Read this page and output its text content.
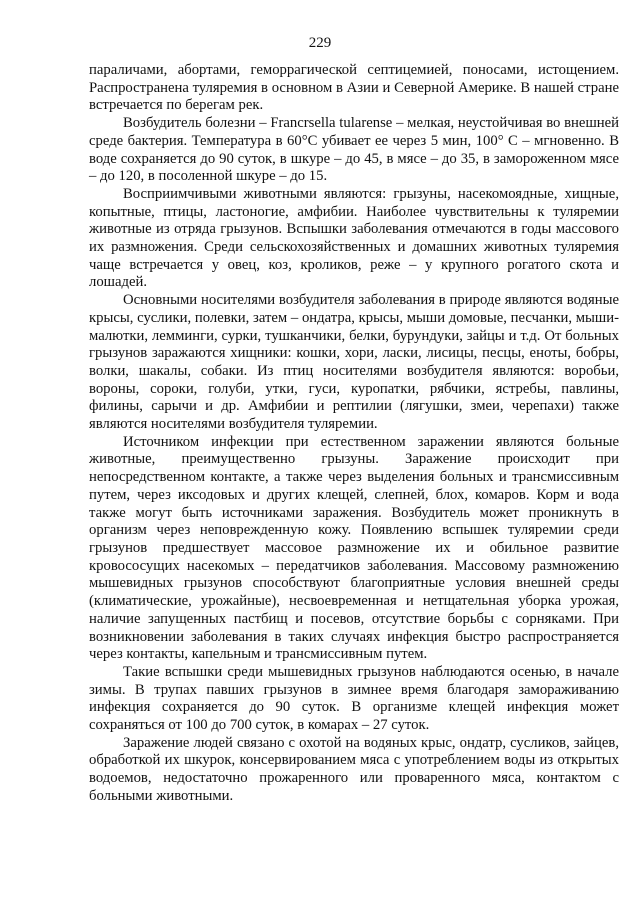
229

параличами, абортами, геморрагической септицемией, поносами, истощением. Распространена туляремия в основном в Азии и Северной Америке. В нашей стране встречается по берегам рек.

Возбудитель болезни – Francrsella tularense – мелкая, неустойчивая во внешней среде бактерия. Температура в 60°С убивает ее через 5 мин, 100° С – мгновенно. В воде сохраняется до 90 суток, в шкуре – до 45, в мясе – до 35, в замороженном мясе – до 120, в посоленной шкуре – до 15.

Восприимчивыми животными являются: грызуны, насекомоядные, хищные, копытные, птицы, ластоногие, амфибии. Наиболее чувствительны к туляремии животные из отряда грызунов. Вспышки заболевания отмечаются в годы массового их размножения. Среди сельскохозяйственных и домашних животных туляремия чаще встречается у овец, коз, кроликов, реже – у крупного рогатого скота и лошадей.

Основными носителями возбудителя заболевания в природе являются водяные крысы, суслики, полевки, затем – ондатра, крысы, мыши домовые, песчанки, мыши-малютки, лемминги, сурки, тушканчики, белки, бурундуки, зайцы и т.д. От больных грызунов заражаются хищники: кошки, хори, ласки, лисицы, песцы, еноты, бобры, волки, шакалы, собаки. Из птиц носителями возбудителя являются: воробьи, вороны, сороки, голуби, утки, гуси, куропатки, рябчики, ястребы, павлины, филины, сарычи и др. Амфибии и рептилии (лягушки, змеи, черепахи) также являются носителями возбудителя туляремии.

Источником инфекции при естественном заражении являются больные животные, преимущественно грызуны. Заражение происходит при непосредственном контакте, а также через выделения больных и трансмиссивным путем, через иксодовых и других клещей, слепней, блох, комаров. Корм и вода также могут быть источниками заражения. Возбудитель может проникнуть в организм через неповрежденную кожу. Появлению вспышек туляремии среди грызунов предшествует массовое размножение их и обильное развитие кровососущих насекомых – передатчиков заболевания. Массовому размножению мышевидных грызунов способствуют благоприятные условия внешней среды (климатические, урожайные), несвоевременная и нетщательная уборка урожая, наличие запущенных пастбищ и посевов, отсутствие борьбы с сорняками. При возникновении заболевания в таких случаях инфекция быстро распространяется через контакты, капельным и трансмиссивным путем.

Такие вспышки среди мышевидных грызунов наблюдаются осенью, в начале зимы. В трупах павших грызунов в зимнее время благодаря замораживанию инфекция сохраняется до 90 суток. В организме клещей инфекция может сохраняться от 100 до 700 суток, в комарах – 27 суток.

Заражение людей связано с охотой на водяных крыс, ондатр, сусликов, зайцев, обработкой их шкурок, консервированием мяса с употреблением воды из открытых водоемов, недостаточно прожаренного или проваренного мяса, контактом с больными животными.
